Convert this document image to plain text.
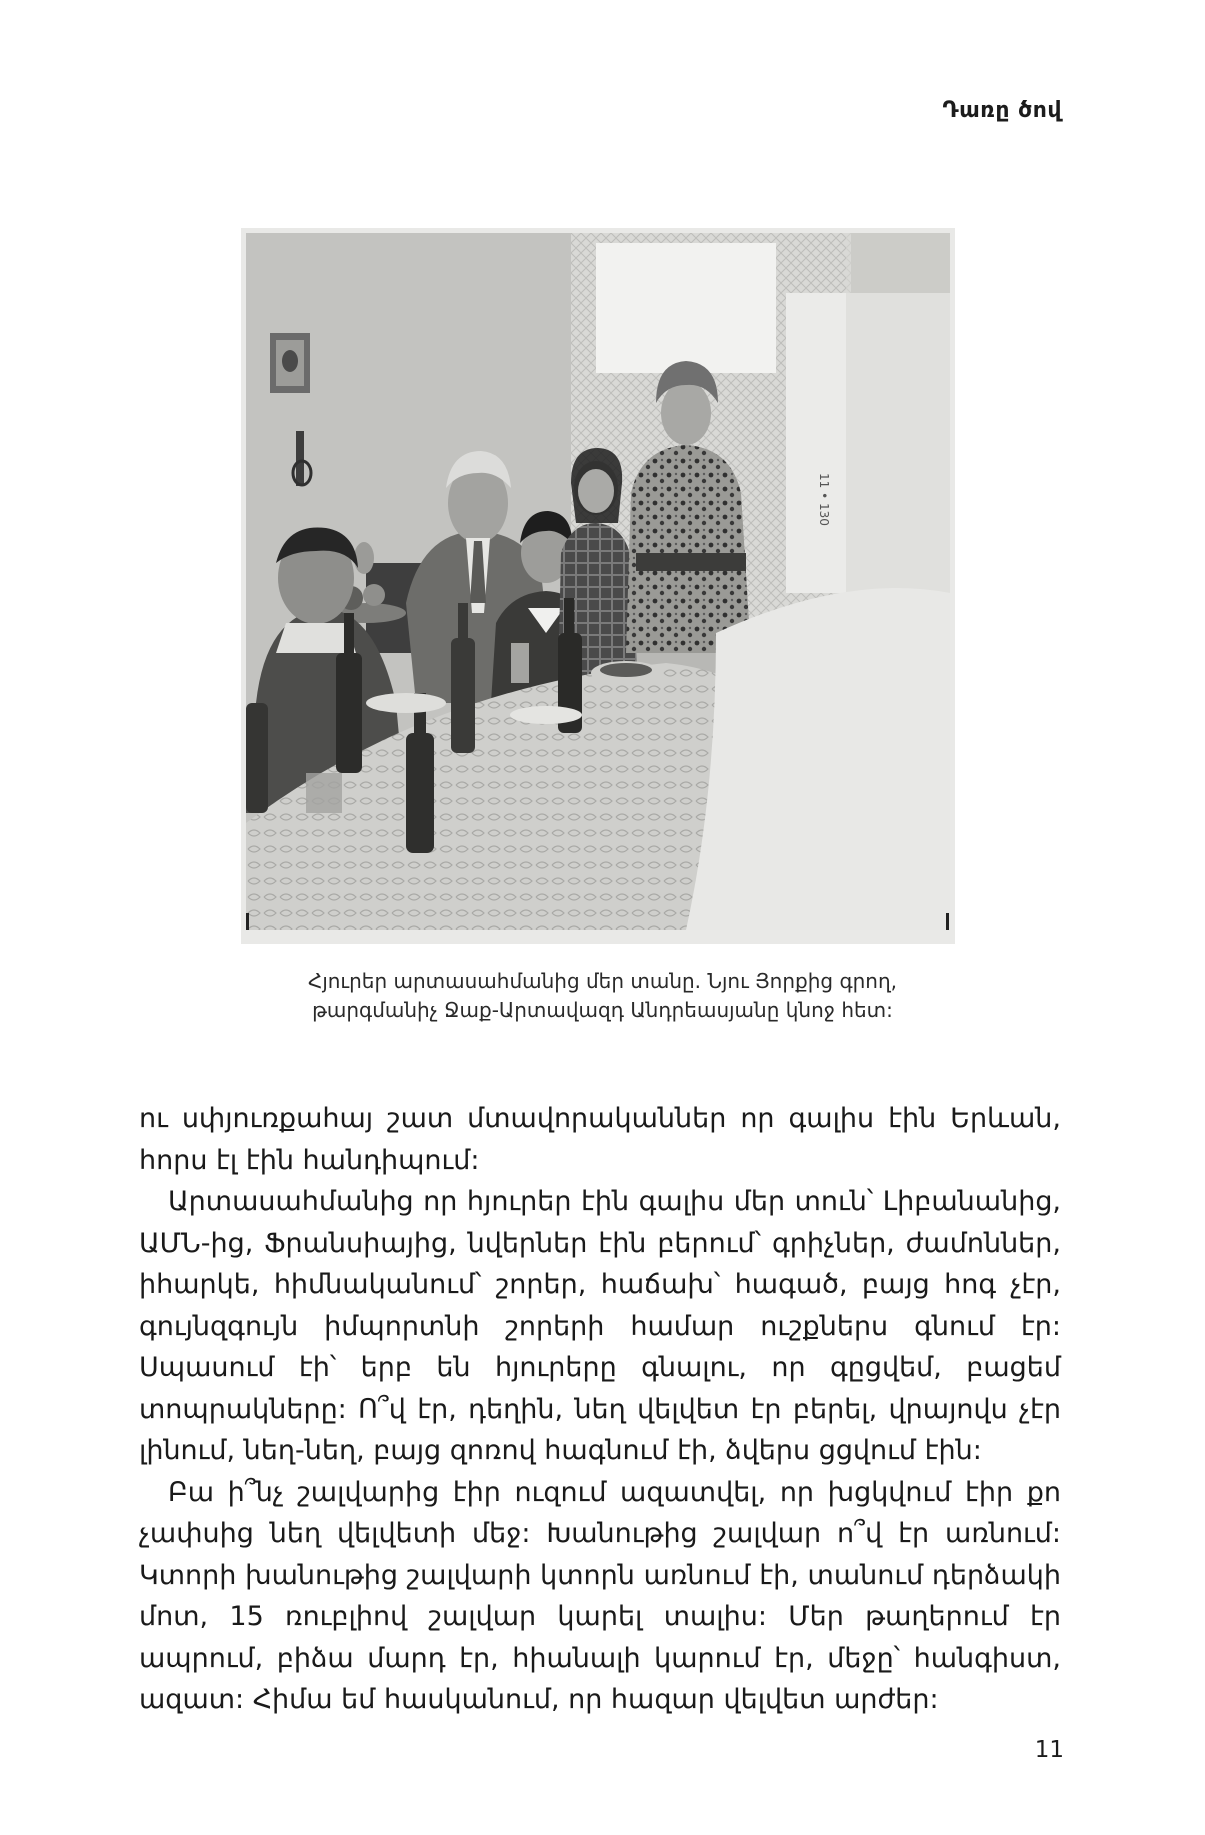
Դառը ծով
11 • 130
Հյուրեր արտասահմանից մեր տանը. Նյու Յորքից գրող,
թարգմանիչ Ջաք-Արտավազդ Անդրեասյանը կնոջ հետ:

ու սփյուռքահայ շատ մտավորականներ որ գալիս էին Երևան, հորս էլ էին հանդիպում:

Արտասահմանից որ հյուրեր էին գալիս մեր տուն՝ Լիբանանից, ԱՄՆ-ից, Ֆրանսիայից, նվերներ էին բերում՝ գրիչներ, ժամոններ, իհարկե, հիմնականում՝ շորեր, հաճախ՝ հագած, բայց հոգ չէր, գույնզգույն իմպորտնի շորերի համար ուշքներս գնում էր: Սպասում էի՝ երբ են հյուրերը գնալու, որ գըցվեմ, բացեմ տոպրակները: Ո՞վ էր, դեղին, նեղ վելվետ էր բերել, վրայովս չէր լինում, նեղ-նեղ, բայց զոռով հագնում էի, ձվերս ցցվում էին:

Բա ի՞նչ շալվարից էիր ուզում ազատվել, որ խցկվում էիր քո չափսից նեղ վելվետի մեջ: Խանութից շալվար ո՞վ էր առնում: Կտորի խանութից շալվարի կտորն առնում էի, տանում դերձակի մոտ, 15 ռուբլիով շալվար կարել տալիս: Մեր թաղերում էր ապրում, բիձա մարդ էր, հիանալի կարում էր, մեջը՝ հանգիստ, ազատ: Հիմա եմ հասկանում, որ հազար վելվետ արժեր:

11
